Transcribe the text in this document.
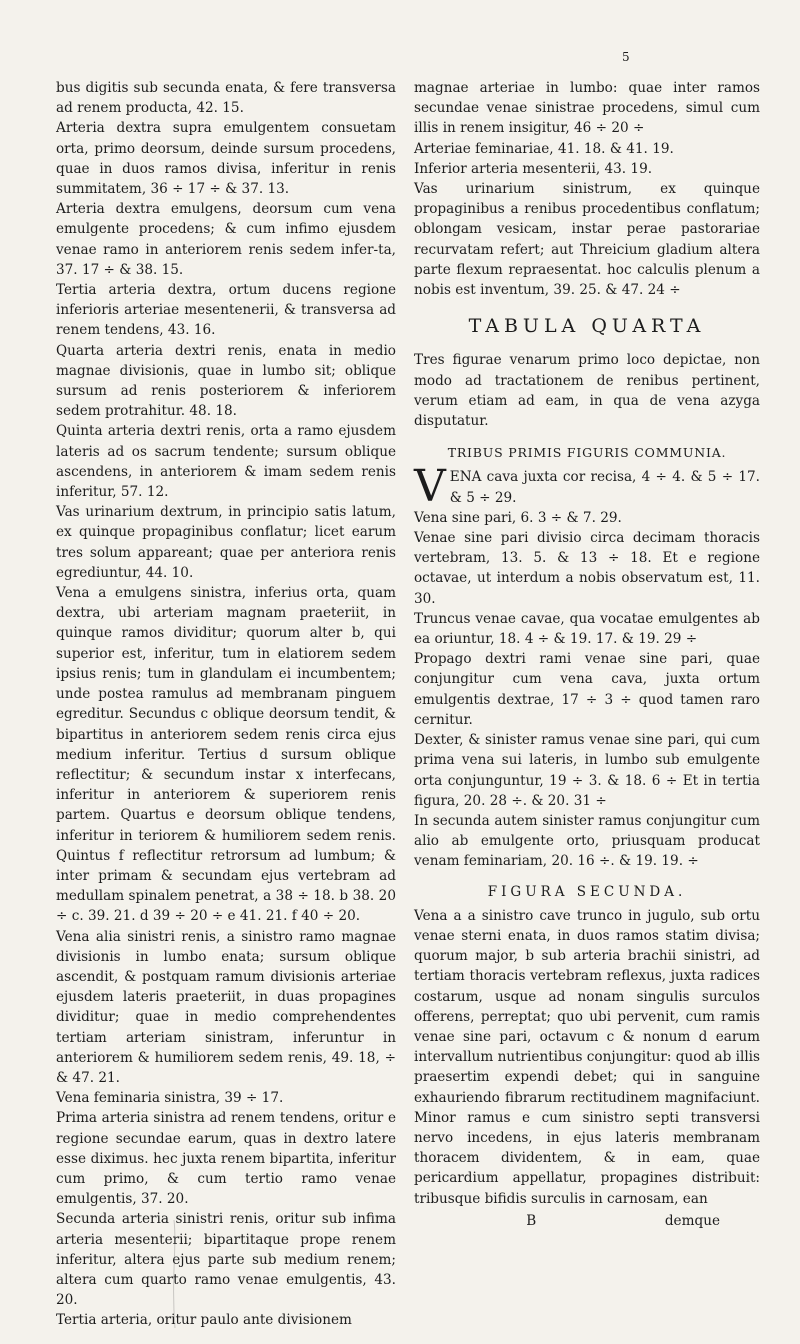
5

bus digitis sub secunda enata, & fere transversa ad renem producta, 42. 15.

Arteria dextra supra emulgentem consuetam orta, primo deorsum, deinde sursum procedens, quae in duos ramos divisa, inferitur in renis summitatem, 36 ÷ 17 ÷ & 37. 13.

Arteria dextra emulgens, deorsum cum vena emulgente procedens; & cum infimo ejusdem venae ramo in anteriorem renis sedem infer-ta, 37. 17 ÷ & 38. 15.

Tertia arteria dextra, ortum ducens regione inferioris arteriae mesentenerii, & transversa ad renem tendens, 43. 16.

Quarta arteria dextri renis, enata in medio magnae divisionis, quae in lumbo sit; oblique sursum ad renis posteriorem & inferiorem sedem protrahitur. 48. 18.

Quinta arteria dextri renis, orta a ramo ejusdem lateris ad os sacrum tendente; sursum oblique ascendens, in anteriorem & imam sedem renis inferitur, 57. 12.

Vas urinarium dextrum, in principio satis latum, ex quinque propaginibus conflatur; licet earum tres solum appareant; quae per anteriora renis egrediuntur, 44. 10.

Vena a emulgens sinistra, inferius orta, quam dextra, ubi arteriam magnam praeteriit, in quinque ramos dividitur; quorum alter b, qui superior est, inferitur, tum in elatiorem sedem ipsius renis; tum in glandulam ei incumbentem; unde postea ramulus ad membranam pinguem egreditur. Secundus c oblique deorsum tendit, & bipartitus in anteriorem sedem renis circa ejus medium inferitur. Tertius d sursum oblique reflectitur; & secundum instar x interfecans, inferitur in anteriorem & superiorem renis partem. Quartus e deorsum oblique tendens, inferitur in teriorem & humiliorem sedem renis. Quintus f reflectitur retrorsum ad lumbum; & inter primam & secundam ejus vertebram ad medullam spinalem penetrat, a 38 ÷ 18. b 38. 20 ÷ c. 39. 21. d 39 ÷ 20 ÷ e 41. 21. f 40 ÷ 20.

Vena alia sinistri renis, a sinistro ramo magnae divisionis in lumbo enata; sursum oblique ascendit, & postquam ramum divisionis arteriae ejusdem lateris praeteriit, in duas propagines dividitur; quae in medio comprehendentes tertiam arteriam sinistram, inferuntur in anteriorem & humiliorem sedem renis, 49. 18, ÷ & 47. 21.

Vena feminaria sinistra, 39 ÷ 17.

Prima arteria sinistra ad renem tendens, oritur e regione secundae earum, quas in dextro latere esse diximus. hec juxta renem bipartita, inferitur cum primo, & cum tertio ramo venae emulgentis, 37. 20.

Secunda arteria sinistri renis, oritur sub infima arteria mesenterii; bipartitaque prope renem inferitur, altera ejus parte sub medium renem; altera cum quarto ramo venae emulgentis, 43. 20.

Tertia arteria, oritur paulo ante divisionem

magnae arteriae in lumbo: quae inter ramos secundae venae sinistrae procedens, simul cum illis in renem insigitur, 46 ÷ 20 ÷

Arteriae feminariae, 41. 18. & 41. 19.

Inferior arteria mesenterii, 43. 19.

Vas urinarium sinistrum, ex quinque propaginibus a renibus procedentibus conflatum; oblongam vesicam, instar perae pastorariae recurvatam refert; aut Threicium gladium altera parte flexum repraesentat. hoc calculis plenum a nobis est inventum, 39. 25. & 47. 24 ÷

TABULA QUARTA

Tres figurae venarum primo loco depictae, non modo ad tractationem de renibus pertinent, verum etiam ad eam, in qua de vena azyga disputatur.

TRIBUS PRIMIS FIGURIS COMMUNIA.

V ENA cava juxta cor recisa, 4 ÷ 4. & 5 ÷ 17. & 5 ÷ 29.

Vena sine pari, 6. 3 ÷ & 7. 29.

Venae sine pari divisio circa decimam thoracis vertebram, 13. 5. & 13 ÷ 18. Et e regione octavae, ut interdum a nobis observatum est, 11. 30.

Truncus venae cavae, qua vocatae emulgentes ab ea oriuntur, 18. 4 ÷ & 19. 17. & 19. 29 ÷

Propago dextri rami venae sine pari, quae conjungitur cum vena cava, juxta ortum emulgentis dextrae, 17 ÷ 3 ÷ quod tamen raro cernitur.

Dexter, & sinister ramus venae sine pari, qui cum prima vena sui lateris, in lumbo sub emulgente orta conjunguntur, 19 ÷ 3. & 18. 6 ÷ Et in tertia figura, 20. 28 ÷. & 20. 31 ÷

In secunda autem sinister ramus conjungitur cum alio ab emulgente orto, priusquam producat venam feminariam, 20. 16 ÷. & 19. 19. ÷

FIGURA SECUNDA.

Vena a a sinistro cave trunco in jugulo, sub ortu venae sterni enata, in duos ramos statim divisa; quorum major, b sub arteria brachii sinistri, ad tertiam thoracis vertebram reflexus, juxta radices costarum, usque ad nonam singulis surculos offerens, perreptat; quo ubi pervenit, cum ramis venae sine pari, octavum c & nonum d earum intervallum nutrientibus conjungitur: quod ab illis praesertim expendi debet; qui in sanguine exhauriendo fibrarum rectitudinem magnifaciunt. Minor ramus e cum sinistro septi transversi nervo incedens, in ejus lateris membranam thoracem dividentem, & in eam, quae pericardium appellatur, propagines distribuit: tribusque bifidis surculis in carnosam, ean

B	demque
